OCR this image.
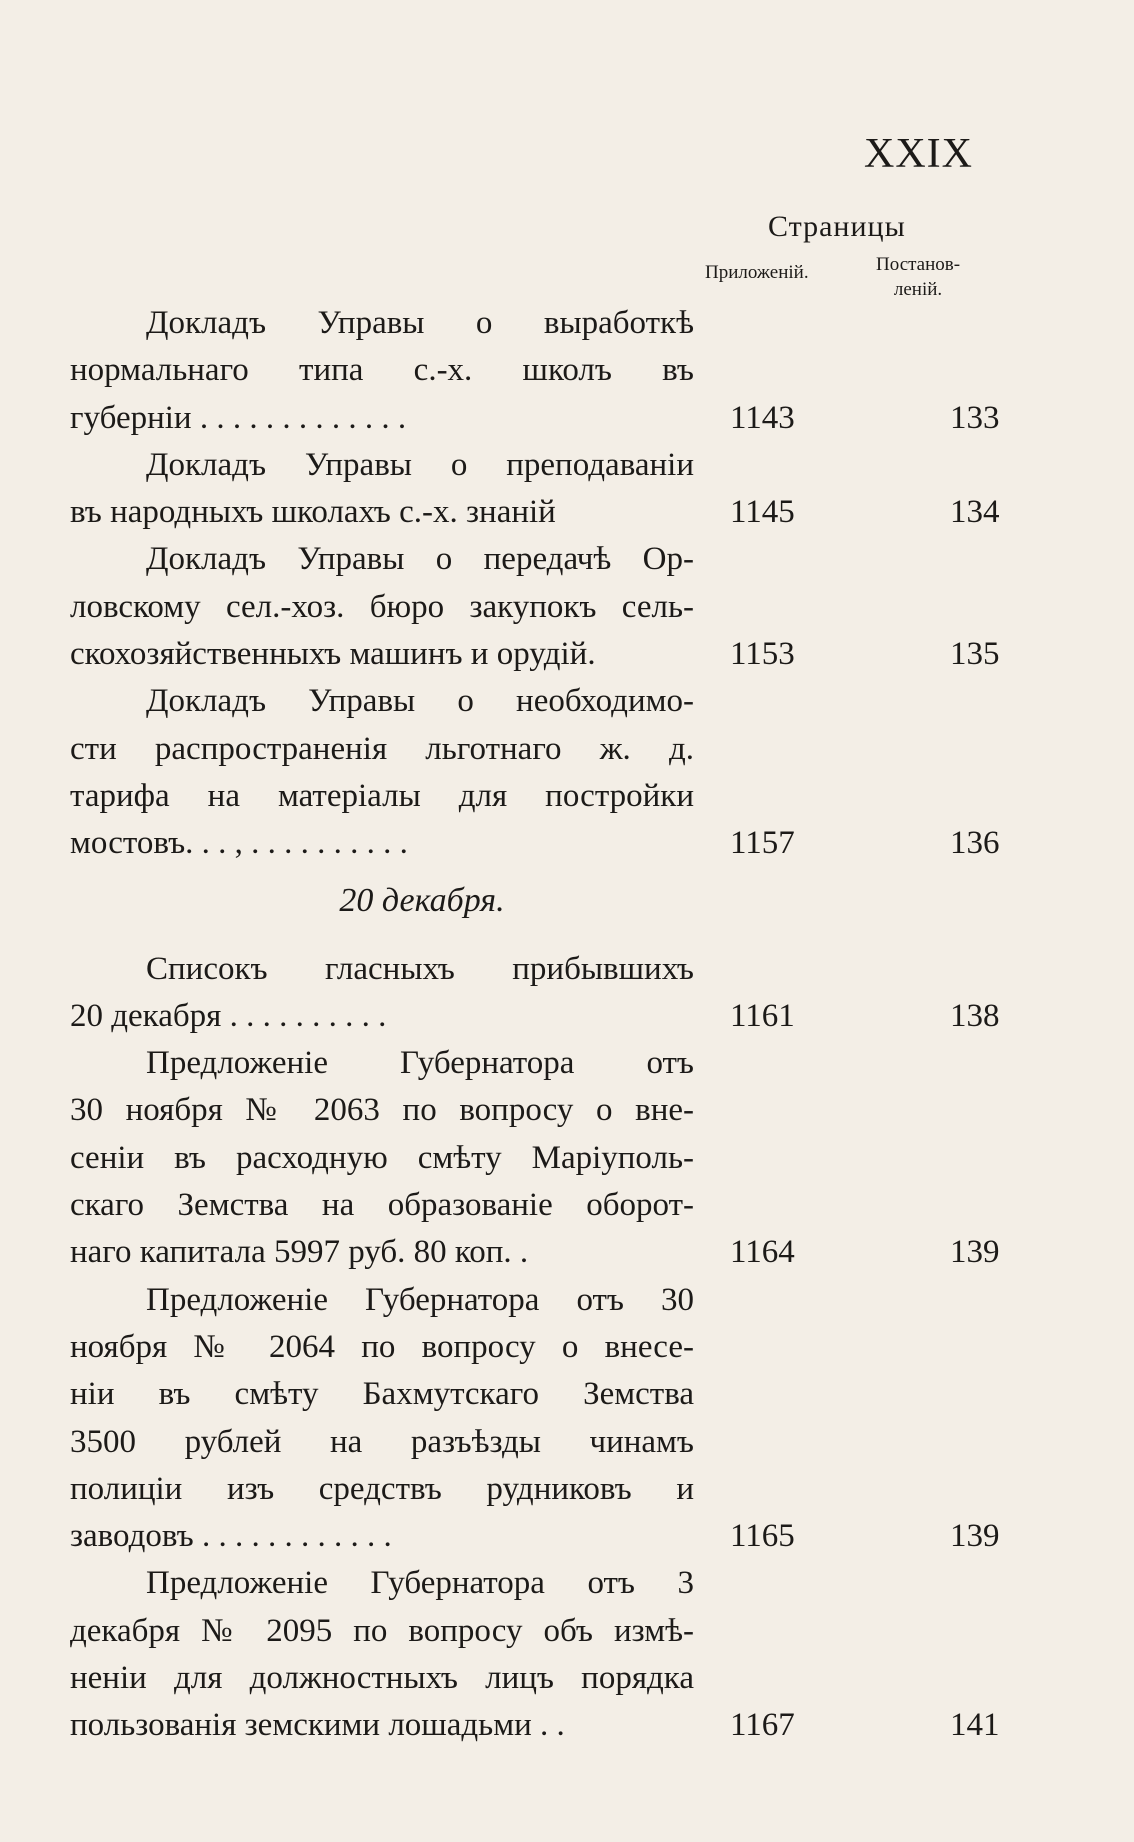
XXIX
Страницы
Приложеній.	Постанов-
леній.
Докладъ Управы о выработкѣ
нормальнаго типа с.-х. школъ въ
губерніи . . . . . . . . . . . . .	1143	133
Докладъ Управы о преподаваніи
въ народныхъ школахъ с.-х. знаній	1145	134
Докладъ Управы о передачѣ Ор-
ловскому сел.-хоз. бюро закупокъ сель-
скохозяйственныхъ машинъ и орудій.	1153	135
Докладъ Управы о необходимо-
сти распространенія льготнаго ж. д.
тарифа на матеріалы для постройки
мостовъ. . . , . . . . . . . . . .	1157	136
20 декабря.
Списокъ гласныхъ прибывшихъ
20 декабря . . . . . . . . . .	1161	138
Предложеніе Губернатора отъ
30 ноября № 2063 по вопросу о вне-
сеніи въ расходную смѣту Маріуполь-
скаго Земства на образованіе оборот-
наго капитала 5997 руб. 80 коп. .	1164	139
Предложеніе Губернатора отъ 30
ноября № 2064 по вопросу о внесе-
ніи въ смѣту Бахмутскаго Земства
3500 рублей на разъѣзды чинамъ
полиціи изъ средствъ рудниковъ и
заводовъ . . . . . . . . . . . .	1165	139
Предложеніе Губернатора отъ 3
декабря № 2095 по вопросу объ измѣ-
неніи для должностныхъ лицъ порядка
пользованія земскими лошадьми . .	1167	141
